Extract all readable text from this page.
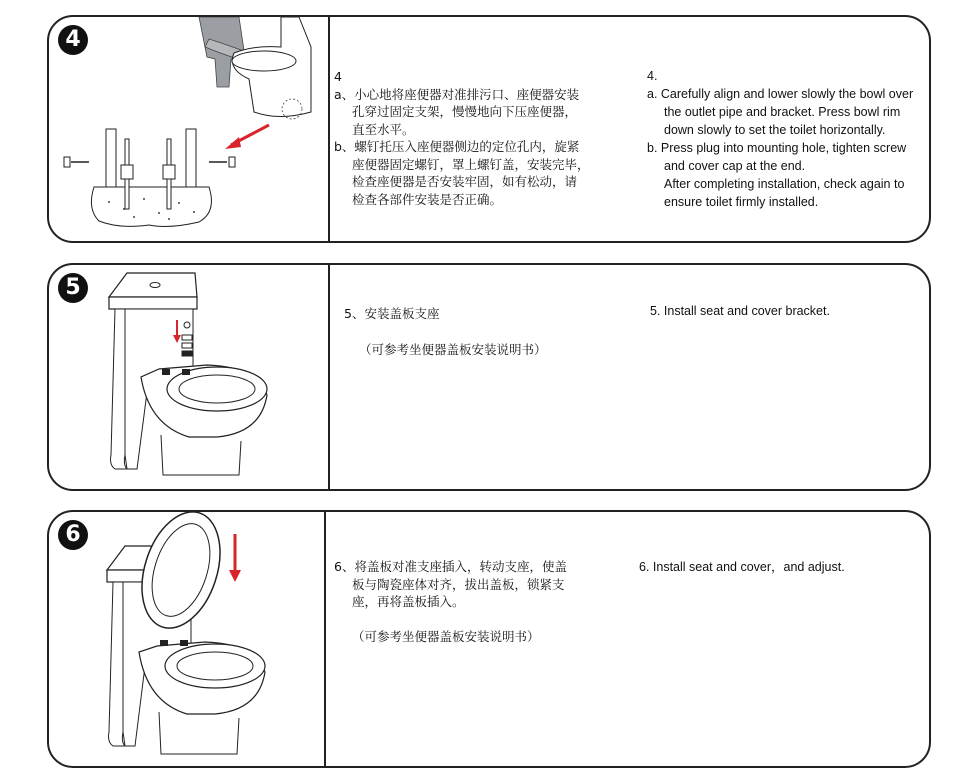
4
4
a、小心地将座便器对准排污口、座便器安装
孔穿过固定支架，慢慢地向下压座便器，
直至水平。
b、螺钉托压入座便器侧边的定位孔内，旋紧
座便器固定螺钉，罩上螺钉盖，安装完毕，
检查座便器是否安装牢固，如有松动，请
检查各部件安装是否正确。
4.
a. Carefully align and lower slowly the bowl over
the outlet pipe and bracket. Press bowl rim
down slowly to set the toilet horizontally.
b. Press plug into mounting hole, tighten screw
and cover cap at the end.
After completing installation, check again to
ensure toilet firmly installed.
5
5、安装盖板支座
（可参考坐便器盖板安装说明书）
5. Install seat and cover bracket.
6
6、将盖板对准支座插入，转动支座，使盖
板与陶瓷座体对齐，拔出盖板，锁紧支
座，再将盖板插入。
（可参考坐便器盖板安装说明书）
6. Install seat and cover，and adjust.
